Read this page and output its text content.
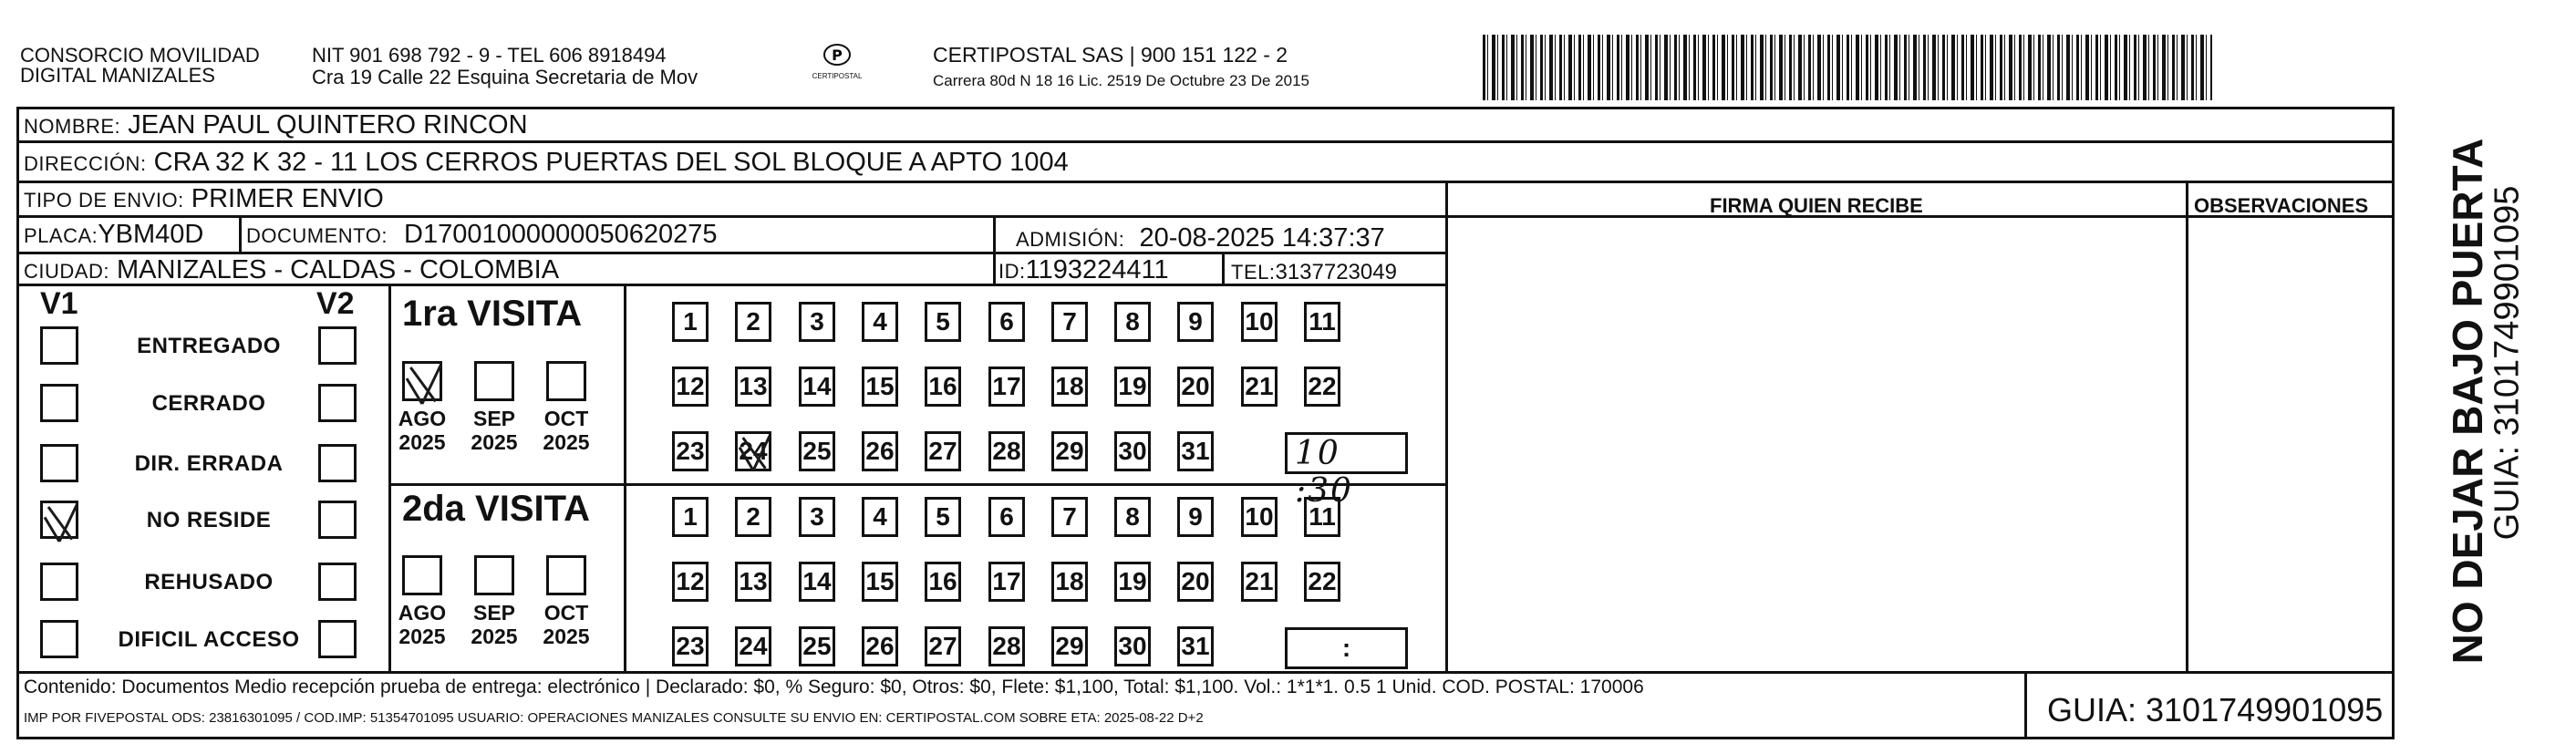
CONSORCIO MOVILIDAD
DIGITAL MANIZALES
NIT 901 698 792 - 9 - TEL 606 8918494
Cra 19 Calle 22 Esquina Secretaria de Mov
P
CERTIPOSTAL
CERTIPOSTAL SAS | 900 151 122 - 2
Carrera 80d N 18 16 Lic. 2519 De Octubre 23 De 2015
NOMBRE: JEAN PAUL QUINTERO RINCON
DIRECCIÓN: CRA 32 K 32 - 11 LOS CERROS PUERTAS DEL SOL BLOQUE A APTO 1004
TIPO DE ENVIO: PRIMER ENVIO	FIRMA QUIEN RECIBE	OBSERVACIONES
PLACA:YBM40D DOCUMENTO: D17001000000050620275	ADMISIÓN: 20-08-2025 14:37:37
CIUDAD: MANIZALES - CALDAS - COLOMBIA	ID:1193224411	TEL:3137723049
V1	V2
ENTREGADO
CERRADO
DIR. ERRADA
NO RESIDE
REHUSADO
DIFICIL ACCESO
1ra VISITA
AGO
2025
SEP
2025
OCT
2025
1 2 3 4 5 6 7 8 9 10 11
12 13 14 15 16 17 18 19 20 21 22
23 24 25 26 27 28 29 30 31	10 :30
2da VISITA
AGO
2025
SEP
2025
OCT
2025
1 2 3 4 5 6 7 8 9 10 11
12 13 14 15 16 17 18 19 20 21 22
23 24 25 26 27 28 29 30 31	:
Contenido: Documentos Medio recepción prueba de entrega: electrónico | Declarado: $0, % Seguro: $0, Otros: $0, Flete: $1,100, Total: $1,100. Vol.: 1*1*1. 0.5 1 Unid. COD. POSTAL: 170006
IMP POR FIVEPOSTAL ODS: 23816301095 / COD.IMP: 51354701095 USUARIO: OPERACIONES MANIZALES CONSULTE SU ENVIO EN: CERTIPOSTAL.COM SOBRE ETA: 2025-08-22 D+2	GUIA: 3101749901095
NO DEJAR BAJO PUERTA
GUIA: 3101749901095
